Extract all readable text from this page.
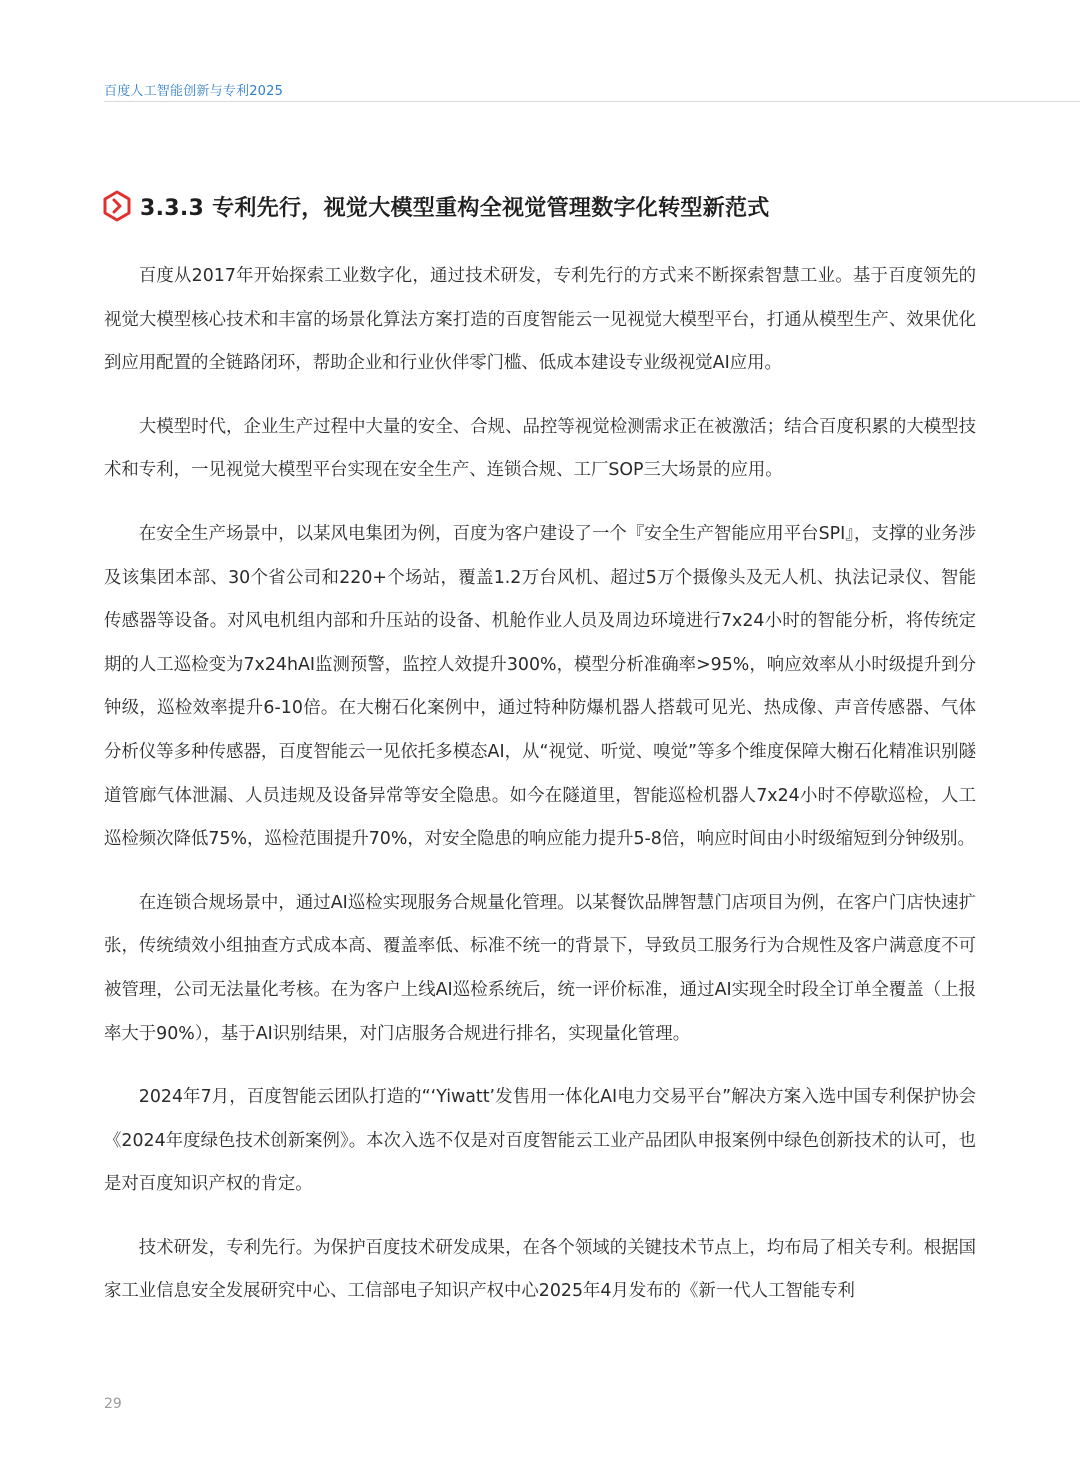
百度人工智能创新与专利2025
3.3.3 专利先行，视觉大模型重构全视觉管理数字化转型新范式

百度从2017年开始探索工业数字化，通过技术研发，专利先行的方式来不断探索智慧工业。基于百度领先的视觉大模型核心技术和丰富的场景化算法方案打造的百度智能云一见视觉大模型平台，打通从模型生产、效果优化到应用配置的全链路闭环，帮助企业和行业伙伴零门槛、低成本建设专业级视觉AI应用。

大模型时代，企业生产过程中大量的安全、合规、品控等视觉检测需求正在被激活；结合百度积累的大模型技术和专利，一见视觉大模型平台实现在安全生产、连锁合规、工厂SOP三大场景的应用。

在安全生产场景中，以某风电集团为例，百度为客户建设了一个『安全生产智能应用平台SPI』，支撑的业务涉及该集团本部、30个省公司和220+个场站，覆盖1.2万台风机、超过5万个摄像头及无人机、执法记录仪、智能传感器等设备。对风电机组内部和升压站的设备、机舱作业人员及周边环境进行7x24小时的智能分析，将传统定期的人工巡检变为7x24hAI监测预警，监控人效提升300%，模型分析准确率>95%，响应效率从小时级提升到分钟级，巡检效率提升6-10倍。在大榭石化案例中，通过特种防爆机器人搭载可见光、热成像、声音传感器、气体分析仪等多种传感器，百度智能云一见依托多模态AI，从“视觉、听觉、嗅觉”等多个维度保障大榭石化精准识别隧道管廊气体泄漏、人员违规及设备异常等安全隐患。如今在隧道里，智能巡检机器人7x24小时不停歇巡检，人工巡检频次降低75%，巡检范围提升70%，对安全隐患的响应能力提升5-8倍，响应时间由小时级缩短到分钟级别。

在连锁合规场景中，通过AI巡检实现服务合规量化管理。以某餐饮品牌智慧门店项目为例，在客户门店快速扩张，传统绩效小组抽查方式成本高、覆盖率低、标准不统一的背景下，导致员工服务行为合规性及客户满意度不可被管理，公司无法量化考核。在为客户上线AI巡检系统后，统一评价标准，通过AI实现全时段全订单全覆盖（上报率大于90%），基于AI识别结果，对门店服务合规进行排名，实现量化管理。

2024年7月，百度智能云团队打造的“‘Yiwatt’发售用一体化AI电力交易平台”解决方案入选中国专利保护协会《2024年度绿色技术创新案例》。本次入选不仅是对百度智能云工业产品团队申报案例中绿色创新技术的认可，也是对百度知识产权的肯定。

技术研发，专利先行。为保护百度技术研发成果，在各个领域的关键技术节点上，均布局了相关专利。根据国家工业信息安全发展研究中心、工信部电子知识产权中心2025年4月发布的《新一代人工智能专利

29
